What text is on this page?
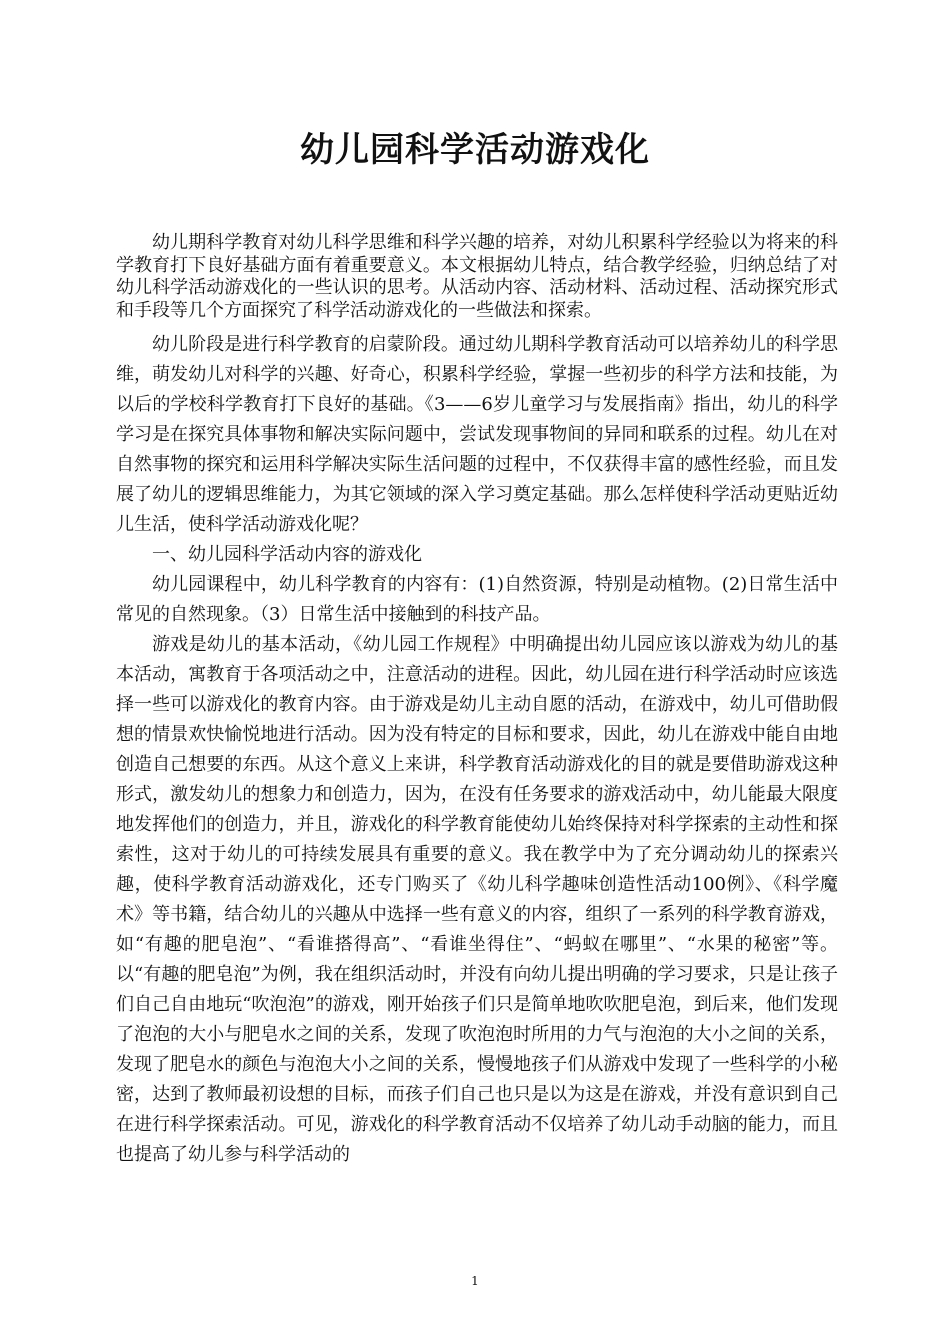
幼儿园科学活动游戏化

幼儿期科学教育对幼儿科学思维和科学兴趣的培养，对幼儿积累科学经验以为将来的科学教育打下良好基础方面有着重要意义。本文根据幼儿特点，结合教学经验，归纳总结了对幼儿科学活动游戏化的一些认识的思考。从活动内容、活动材料、活动过程、活动探究形式和手段等几个方面探究了科学活动游戏化的一些做法和探索。

幼儿阶段是进行科学教育的启蒙阶段。通过幼儿期科学教育活动可以培养幼儿的科学思维，萌发幼儿对科学的兴趣、好奇心，积累科学经验，掌握一些初步的科学方法和技能，为以后的学校科学教育打下良好的基础。《3——6岁儿童学习与发展指南》指出，幼儿的科学学习是在探究具体事物和解决实际问题中，尝试发现事物间的异同和联系的过程。幼儿在对自然事物的探究和运用科学解决实际生活问题的过程中，不仅获得丰富的感性经验，而且发展了幼儿的逻辑思维能力，为其它领域的深入学习奠定基础。那么怎样使科学活动更贴近幼儿生活，使科学活动游戏化呢？

一、幼儿园科学活动内容的游戏化

幼儿园课程中，幼儿科学教育的内容有：(1)自然资源，特别是动植物。(2)日常生活中常见的自然现象。（3）日常生活中接触到的科技产品。

游戏是幼儿的基本活动，《幼儿园工作规程》中明确提出幼儿园应该以游戏为幼儿的基本活动，寓教育于各项活动之中，注意活动的进程。因此，幼儿园在进行科学活动时应该选择一些可以游戏化的教育内容。由于游戏是幼儿主动自愿的活动，在游戏中，幼儿可借助假想的情景欢快愉悦地进行活动。因为没有特定的目标和要求，因此，幼儿在游戏中能自由地创造自己想要的东西。从这个意义上来讲，科学教育活动游戏化的目的就是要借助游戏这种形式，激发幼儿的想象力和创造力，因为，在没有任务要求的游戏活动中，幼儿能最大限度地发挥他们的创造力，并且，游戏化的科学教育能使幼儿始终保持对科学探索的主动性和探索性，这对于幼儿的可持续发展具有重要的意义。我在教学中为了充分调动幼儿的探索兴趣，使科学教育活动游戏化，还专门购买了《幼儿科学趣味创造性活动100例》、《科学魔术》等书籍，结合幼儿的兴趣从中选择一些有意义的内容，组织了一系列的科学教育游戏，如“有趣的肥皂泡”、“看谁搭得高”、“看谁坐得住”、“蚂蚁在哪里”、“水果的秘密”等。以“有趣的肥皂泡”为例，我在组织活动时，并没有向幼儿提出明确的学习要求，只是让孩子们自己自由地玩“吹泡泡”的游戏，刚开始孩子们只是简单地吹吹肥皂泡，到后来，他们发现了泡泡的大小与肥皂水之间的关系，发现了吹泡泡时所用的力气与泡泡的大小之间的关系，发现了肥皂水的颜色与泡泡大小之间的关系，慢慢地孩子们从游戏中发现了一些科学的小秘密，达到了教师最初设想的目标，而孩子们自己也只是以为这是在游戏，并没有意识到自己在进行科学探索活动。可见，游戏化的科学教育活动不仅培养了幼儿动手动脑的能力，而且也提高了幼儿参与科学活动的

1
